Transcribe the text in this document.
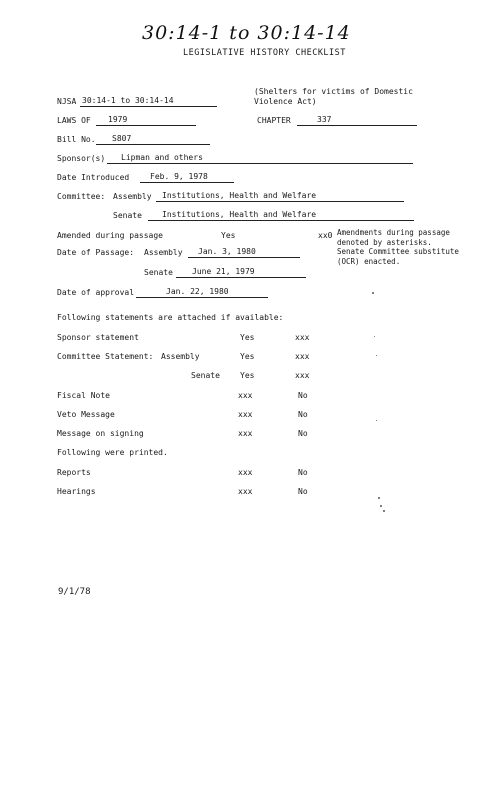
30:14-1 to 30:14-14
LEGISLATIVE HISTORY CHECKLIST
NJSA 30:14-1 to 30:14-14
(Shelters for victims of Domestic
Violence Act)
LAWS OF	1979	CHAPTER	337
Bill No.	S807
Sponsor(s)	Lipman and others
Date Introduced	Feb. 9, 1978
Committee: Assembly	Institutions, Health and Welfare
Senate	Institutions, Health and Welfare
Amended during passage	Yes	xx0 Amendments during passage
denoted by asterisks.
Senate Committee substitute
(OCR) enacted.
Date of Passage: Assembly	Jan. 3, 1980
Senate	June 21, 1979
Date of approval	Jan. 22, 1980
Following statements are attached if available:
Sponsor statement	Yes	xxx
Committee Statement: Assembly	Yes	xxx
Senate	Yes	xxx
Fiscal Note	xxx	No
Veto Message	xxx	No
Message on signing	xxx	No
Following were printed.
Reports	xxx	No
Hearings	xxx	No
9/1/78
